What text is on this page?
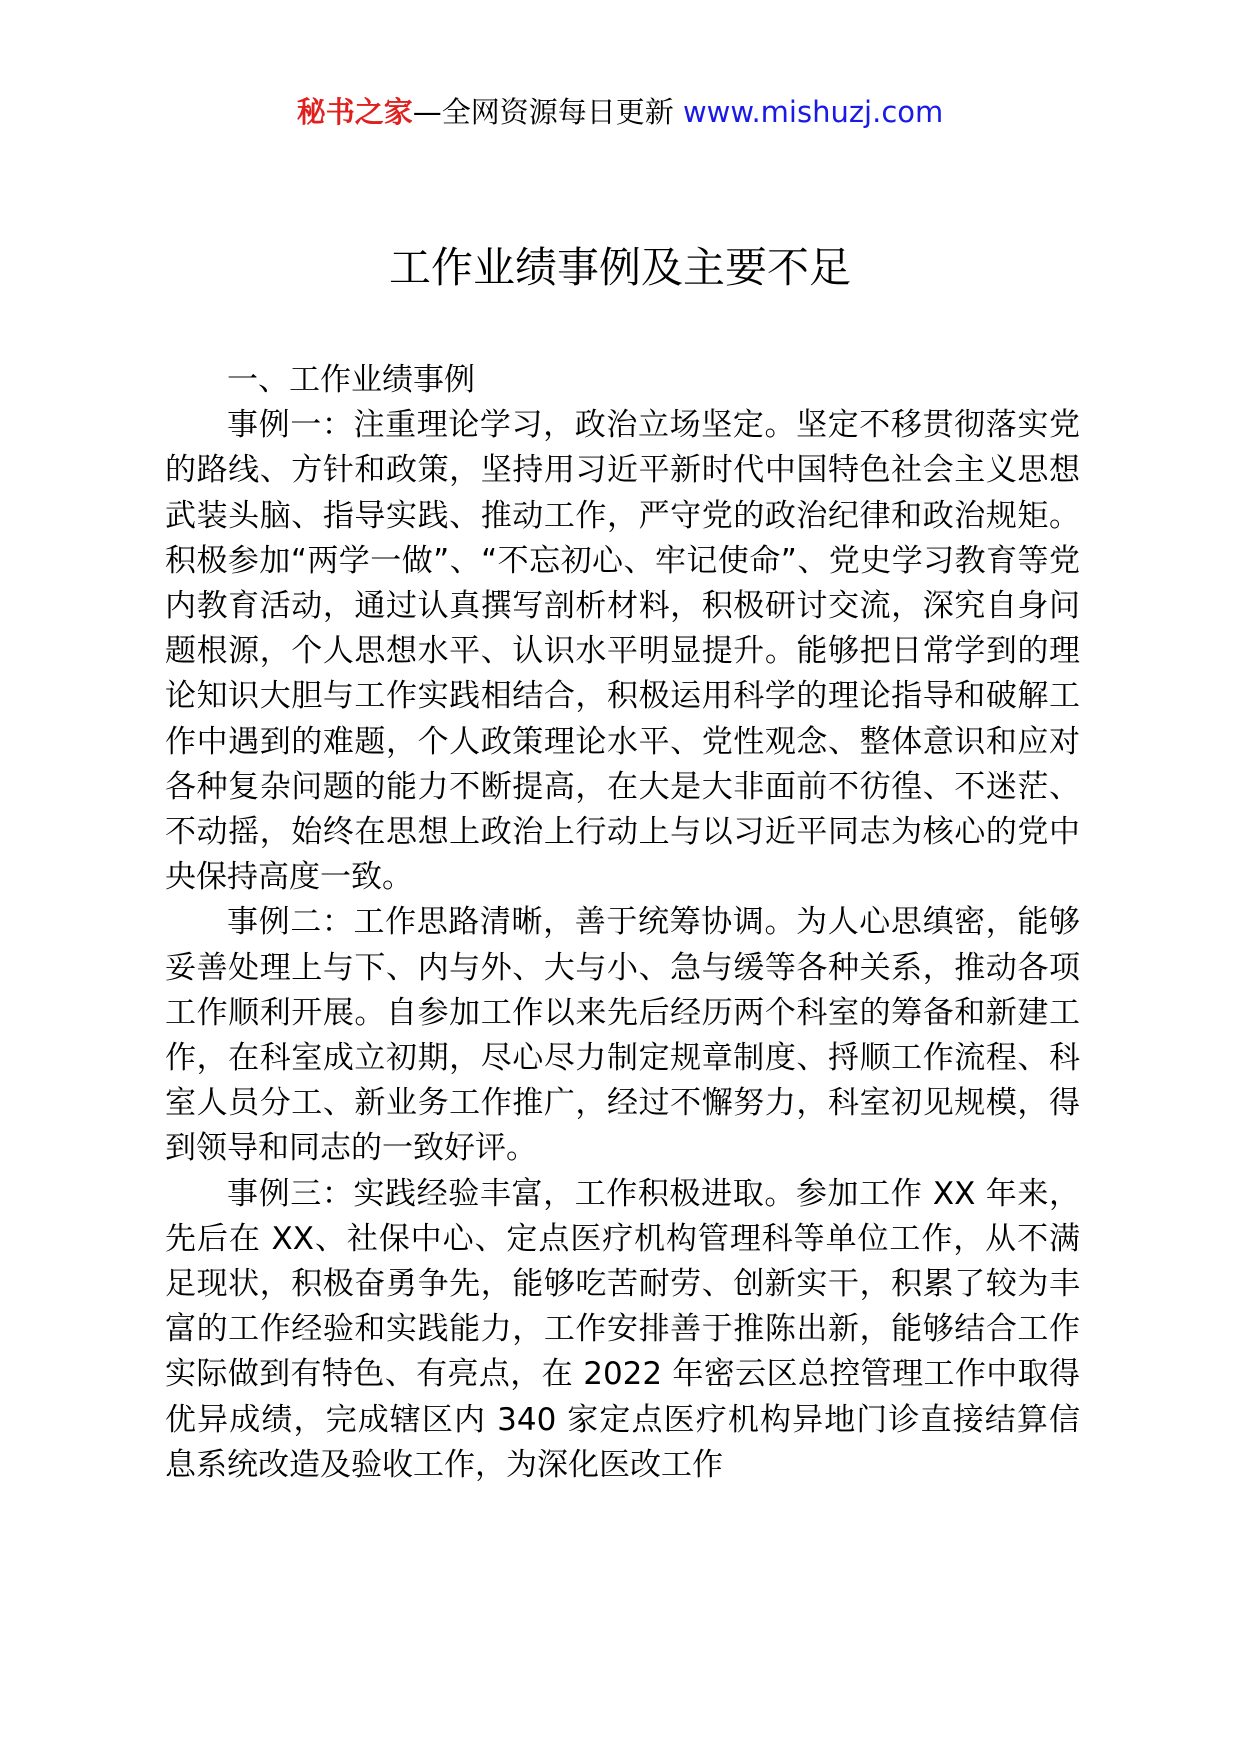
秘书之家—全网资源每日更新 www.mishuzj.com
工作业绩事例及主要不足
一、工作业绩事例

事例一：注重理论学习，政治立场坚定。坚定不移贯彻落实党的路线、方针和政策，坚持用习近平新时代中国特色社会主义思想武装头脑、指导实践、推动工作，严守党的政治纪律和政治规矩。积极参加“两学一做”、“不忘初心、牢记使命”、党史学习教育等党内教育活动，通过认真撰写剖析材料，积极研讨交流，深究自身问题根源，个人思想水平、认识水平明显提升。能够把日常学到的理论知识大胆与工作实践相结合，积极运用科学的理论指导和破解工作中遇到的难题，个人政策理论水平、党性观念、整体意识和应对各种复杂问题的能力不断提高，在大是大非面前不彷徨、不迷茫、不动摇，始终在思想上政治上行动上与以习近平同志为核心的党中央保持高度一致。

事例二：工作思路清晰，善于统筹协调。为人心思缜密，能够妥善处理上与下、内与外、大与小、急与缓等各种关系，推动各项工作顺利开展。自参加工作以来先后经历两个科室的筹备和新建工作，在科室成立初期，尽心尽力制定规章制度、捋顺工作流程、科室人员分工、新业务工作推广，经过不懈努力，科室初见规模，得到领导和同志的一致好评。

事例三：实践经验丰富，工作积极进取。参加工作 XX 年来，先后在 XX、社保中心、定点医疗机构管理科等单位工作，从不满足现状，积极奋勇争先，能够吃苦耐劳、创新实干，积累了较为丰富的工作经验和实践能力，工作安排善于推陈出新，能够结合工作实际做到有特色、有亮点，在 2022 年密云区总控管理工作中取得优异成绩，完成辖区内 340 家定点医疗机构异地门诊直接结算信息系统改造及验收工作，为深化医改工作
